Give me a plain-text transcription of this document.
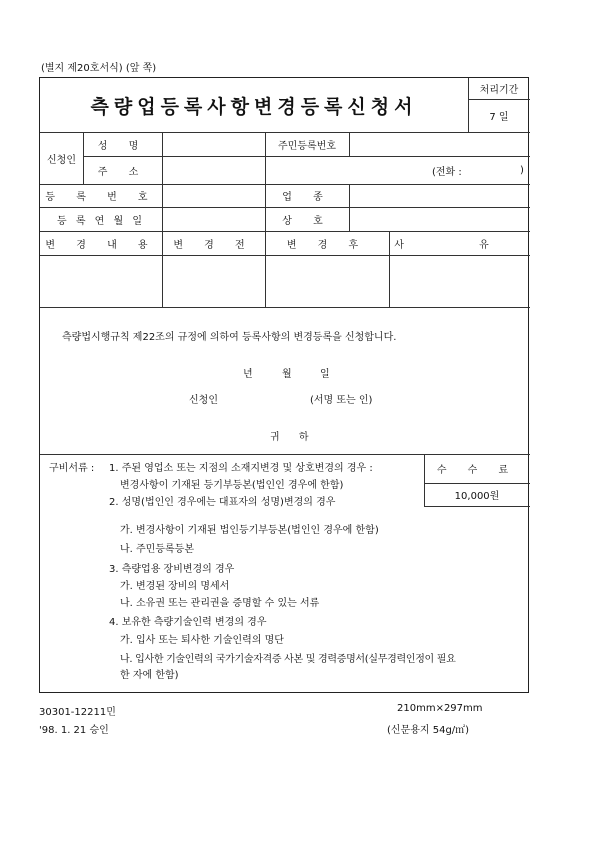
(별지 제20호서식) (앞 쪽)
측량업등록사항변경등록신청서
처리기간
7 일
신청인
성 명	주민등록번호
주 소	(전화 :	)
등 록 번 호	업 종
등 록 연 월 일	상 호
변 경 내 용	변 경 전	변 경 후	사 유
측량법시행규칙 제22조의 규정에 의하여 등록사항의 변경등록을 신청합니다.
년	월	일
신청인	(서명 또는 인)
귀 하
구비서류 : 1. 주된 영업소 또는 지점의 소재지변경 및 상호변경의 경우 :
변경사항이 기재된 등기부등본(법인인 경우에 한함)
2. 성명(법인인 경우에는 대표자의 성명)변경의 경우
가. 변경사항이 기재된 법인등기부등본(법인인 경우에 한함)
나. 주민등록등본
3. 측량업용 장비변경의 경우
가. 변경된 장비의 명세서
나. 소유권 또는 관리권을 증명할 수 있는 서류
4. 보유한 측량기술인력 변경의 경우
가. 입사 또는 퇴사한 기술인력의 명단
나. 입사한 기술인력의 국가기술자격증 사본 및 경력증명서(실무경력인정이 필요
한 자에 한함)
수 수 료
10,000원
30301-12211민
'98. 1. 21 승인
210mm×297mm
(신문용지 54g/㎡)
